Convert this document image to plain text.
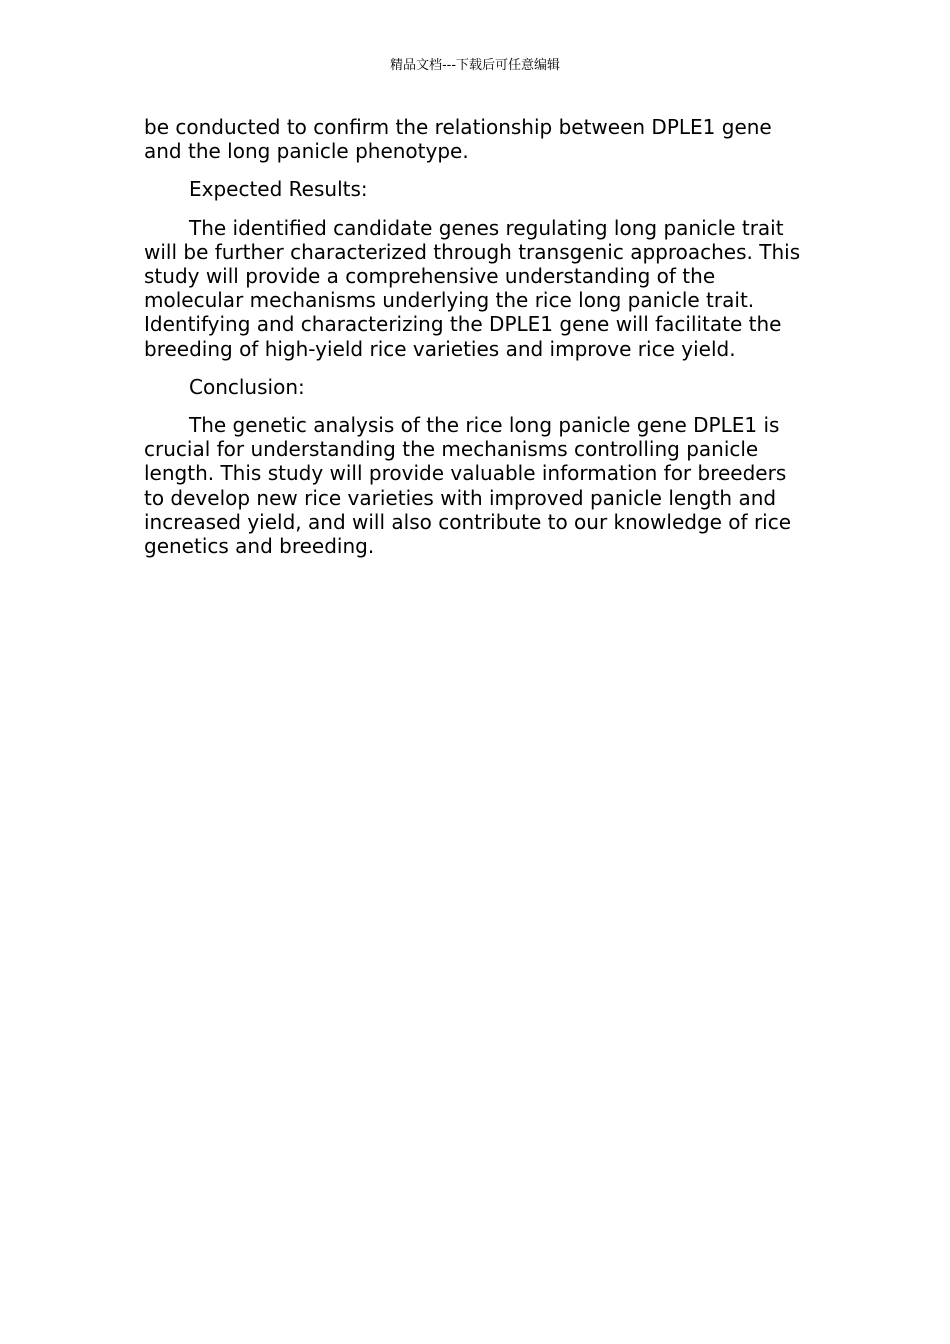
精品文档---下载后可任意编辑

be conducted to confirm the relationship between DPLE1 gene and the long panicle phenotype.

Expected Results:

The identified candidate genes regulating long panicle trait will be further characterized through transgenic approaches. This study will provide a comprehensive understanding of the molecular mechanisms underlying the rice long panicle trait. Identifying and characterizing the DPLE1 gene will facilitate the breeding of high-yield rice varieties and improve rice yield.

Conclusion:

The genetic analysis of the rice long panicle gene DPLE1 is crucial for understanding the mechanisms controlling panicle length. This study will provide valuable information for breeders to develop new rice varieties with improved panicle length and increased yield, and will also contribute to our knowledge of rice genetics and breeding.
